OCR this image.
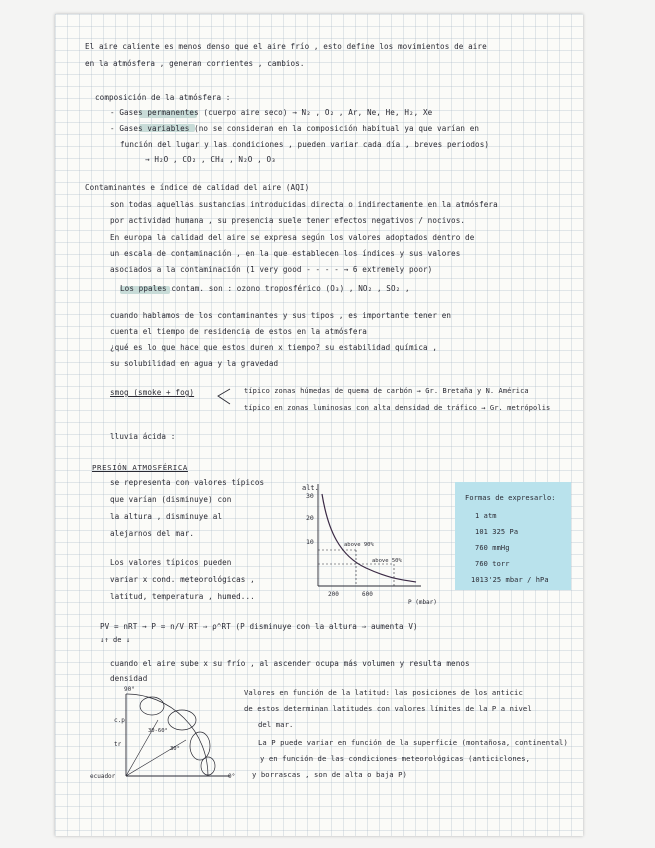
El aire caliente es menos denso que el aire frío , esto define los movimientos de aire
en la atmósfera , generan corrientes , cambios.
composición de la atmósfera :
- Gases permanentes (cuerpo aire seco) → N₂ , O₂ , Ar, Ne, He, H₂, Xe
- Gases variables (no se consideran en la composición habitual ya que varían en
función del lugar y las condiciones , pueden variar cada día , breves periodos)
→ H₂O , CO₂ , CH₄ , N₂O , O₃
Contaminantes e índice de calidad del aire (AQI)
son todas aquellas sustancias introducidas directa o indirectamente en la atmósfera
por actividad humana , su presencia suele tener efectos negativos / nocivos.
En europa la calidad del aire se expresa según los valores adoptados dentro de
un escala de contaminación , en la que establecen los índices y sus valores
asociados a la contaminación (1 very good - - - - → 6 extremely poor)
Los ppales contam. son : ozono troposférico (O₃) , NO₂ , SO₂ ,
cuando hablamos de los contaminantes y sus tipos , es importante tener en
cuenta el tiempo de residencia de estos en la atmósfera
¿qué es lo que hace que estos duren x tiempo? su estabilidad química ,
su solubilidad en agua y la gravedad
smog (smoke + fog)	típico zonas húmedas de quema de carbón → Gr. Bretaña y N. América
típico en zonas luminosas con alta densidad de tráfico → Gr. metrópolis
lluvia ácida :
PRESIÓN ATMOSFÉRICA
se representa con valores típicos
que varían (disminuye) con
la altura , disminuye al
alejarnos del mar.
Los valores típicos pueden
variar x cond. meteorológicas ,
latitud, temperatura , humed...
alt.
30
20
10	above 90%
above 50%
200	600
P (mbar)
Formas de expresarlo:
1 atm
101 325 Pa
760 mmHg
760 torr
1013'25 mbar / hPa
PV = nRT → P = n/V RT ⇒ ρ^RT (P disminuye con la altura ⇒ aumenta V)
↓↑ de ↓
cuando el aire sube x su frío , al ascender ocupa más volumen y resulta menos
densidad
90°
c.p
30-60°
30°
tr
ecuador	0°
Valores en función de la latitud: las posiciones de los anticic
de estos determinan latitudes con valores límites de la P a nivel
del mar.
La P puede variar en función de la superficie (montañosa, continental)
y en función de las condiciones meteorológicas (anticiclones,
y borrascas , son de alta o baja P)
